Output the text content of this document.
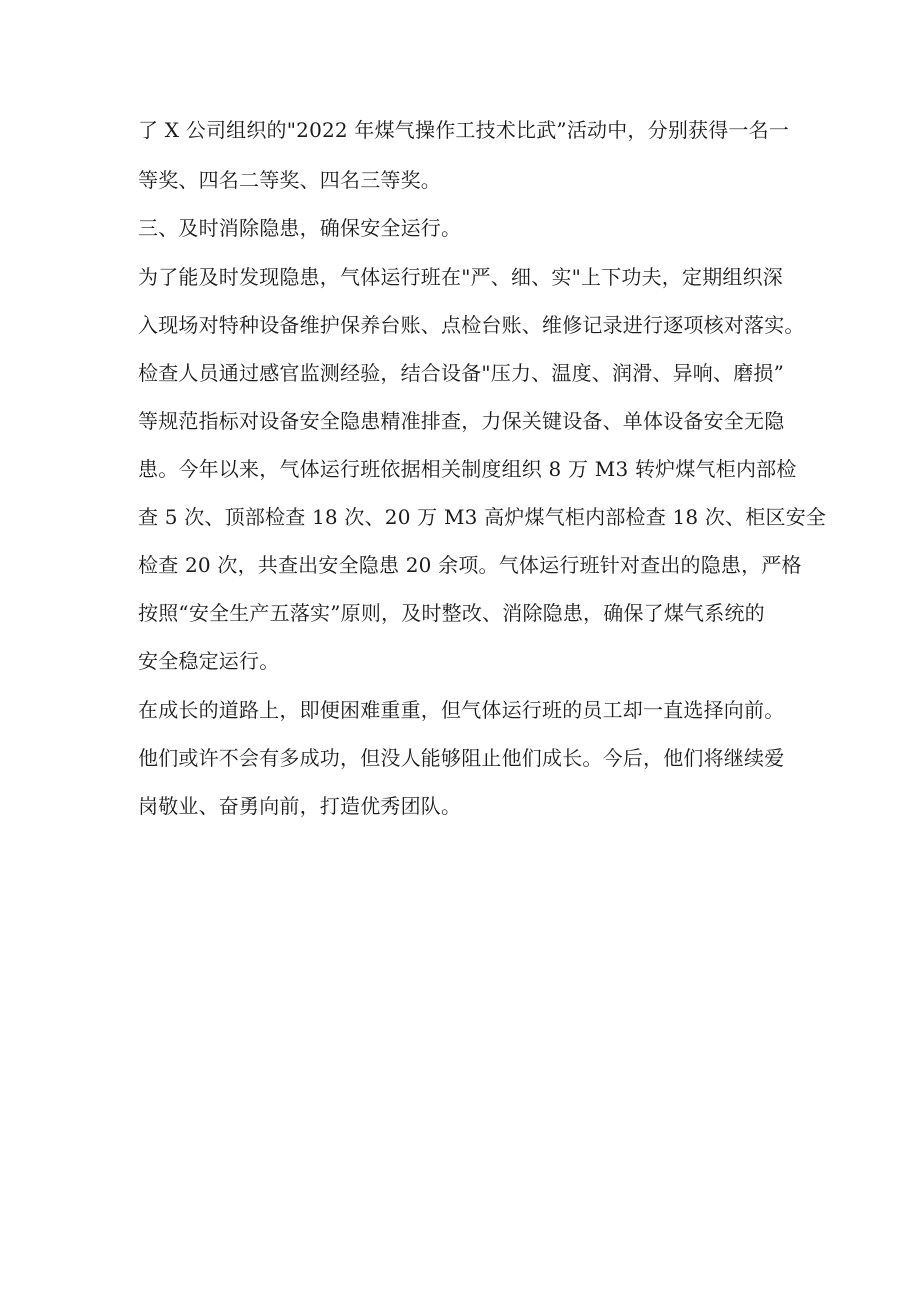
了 X 公司组织的"2022 年煤气操作工技术比武”活动中，分别获得一名一
等奖、四名二等奖、四名三等奖。
三、及时消除隐患，确保安全运行。
为了能及时发现隐患，气体运行班在"严、细、实"上下功夫，定期组织深
入现场对特种设备维护保养台账、点检台账、维修记录进行逐项核对落实。
检查人员通过感官监测经验，结合设备"压力、温度、润滑、异响、磨损”
等规范指标对设备安全隐患精准排查，力保关键设备、单体设备安全无隐
患。今年以来，气体运行班依据相关制度组织 8 万 M3 转炉煤气柜内部检
查 5 次、顶部检查 18 次、20 万 M3 高炉煤气柜内部检查 18 次、柜区安全
检查 20 次，共查出安全隐患 20 余项。气体运行班针对查出的隐患，严格
按照“安全生产五落实”原则，及时整改、消除隐患，确保了煤气系统的
安全稳定运行。
在成长的道路上，即便困难重重，但气体运行班的员工却一直选择向前。
他们或许不会有多成功，但没人能够阻止他们成长。今后，他们将继续爱
岗敬业、奋勇向前，打造优秀团队。
